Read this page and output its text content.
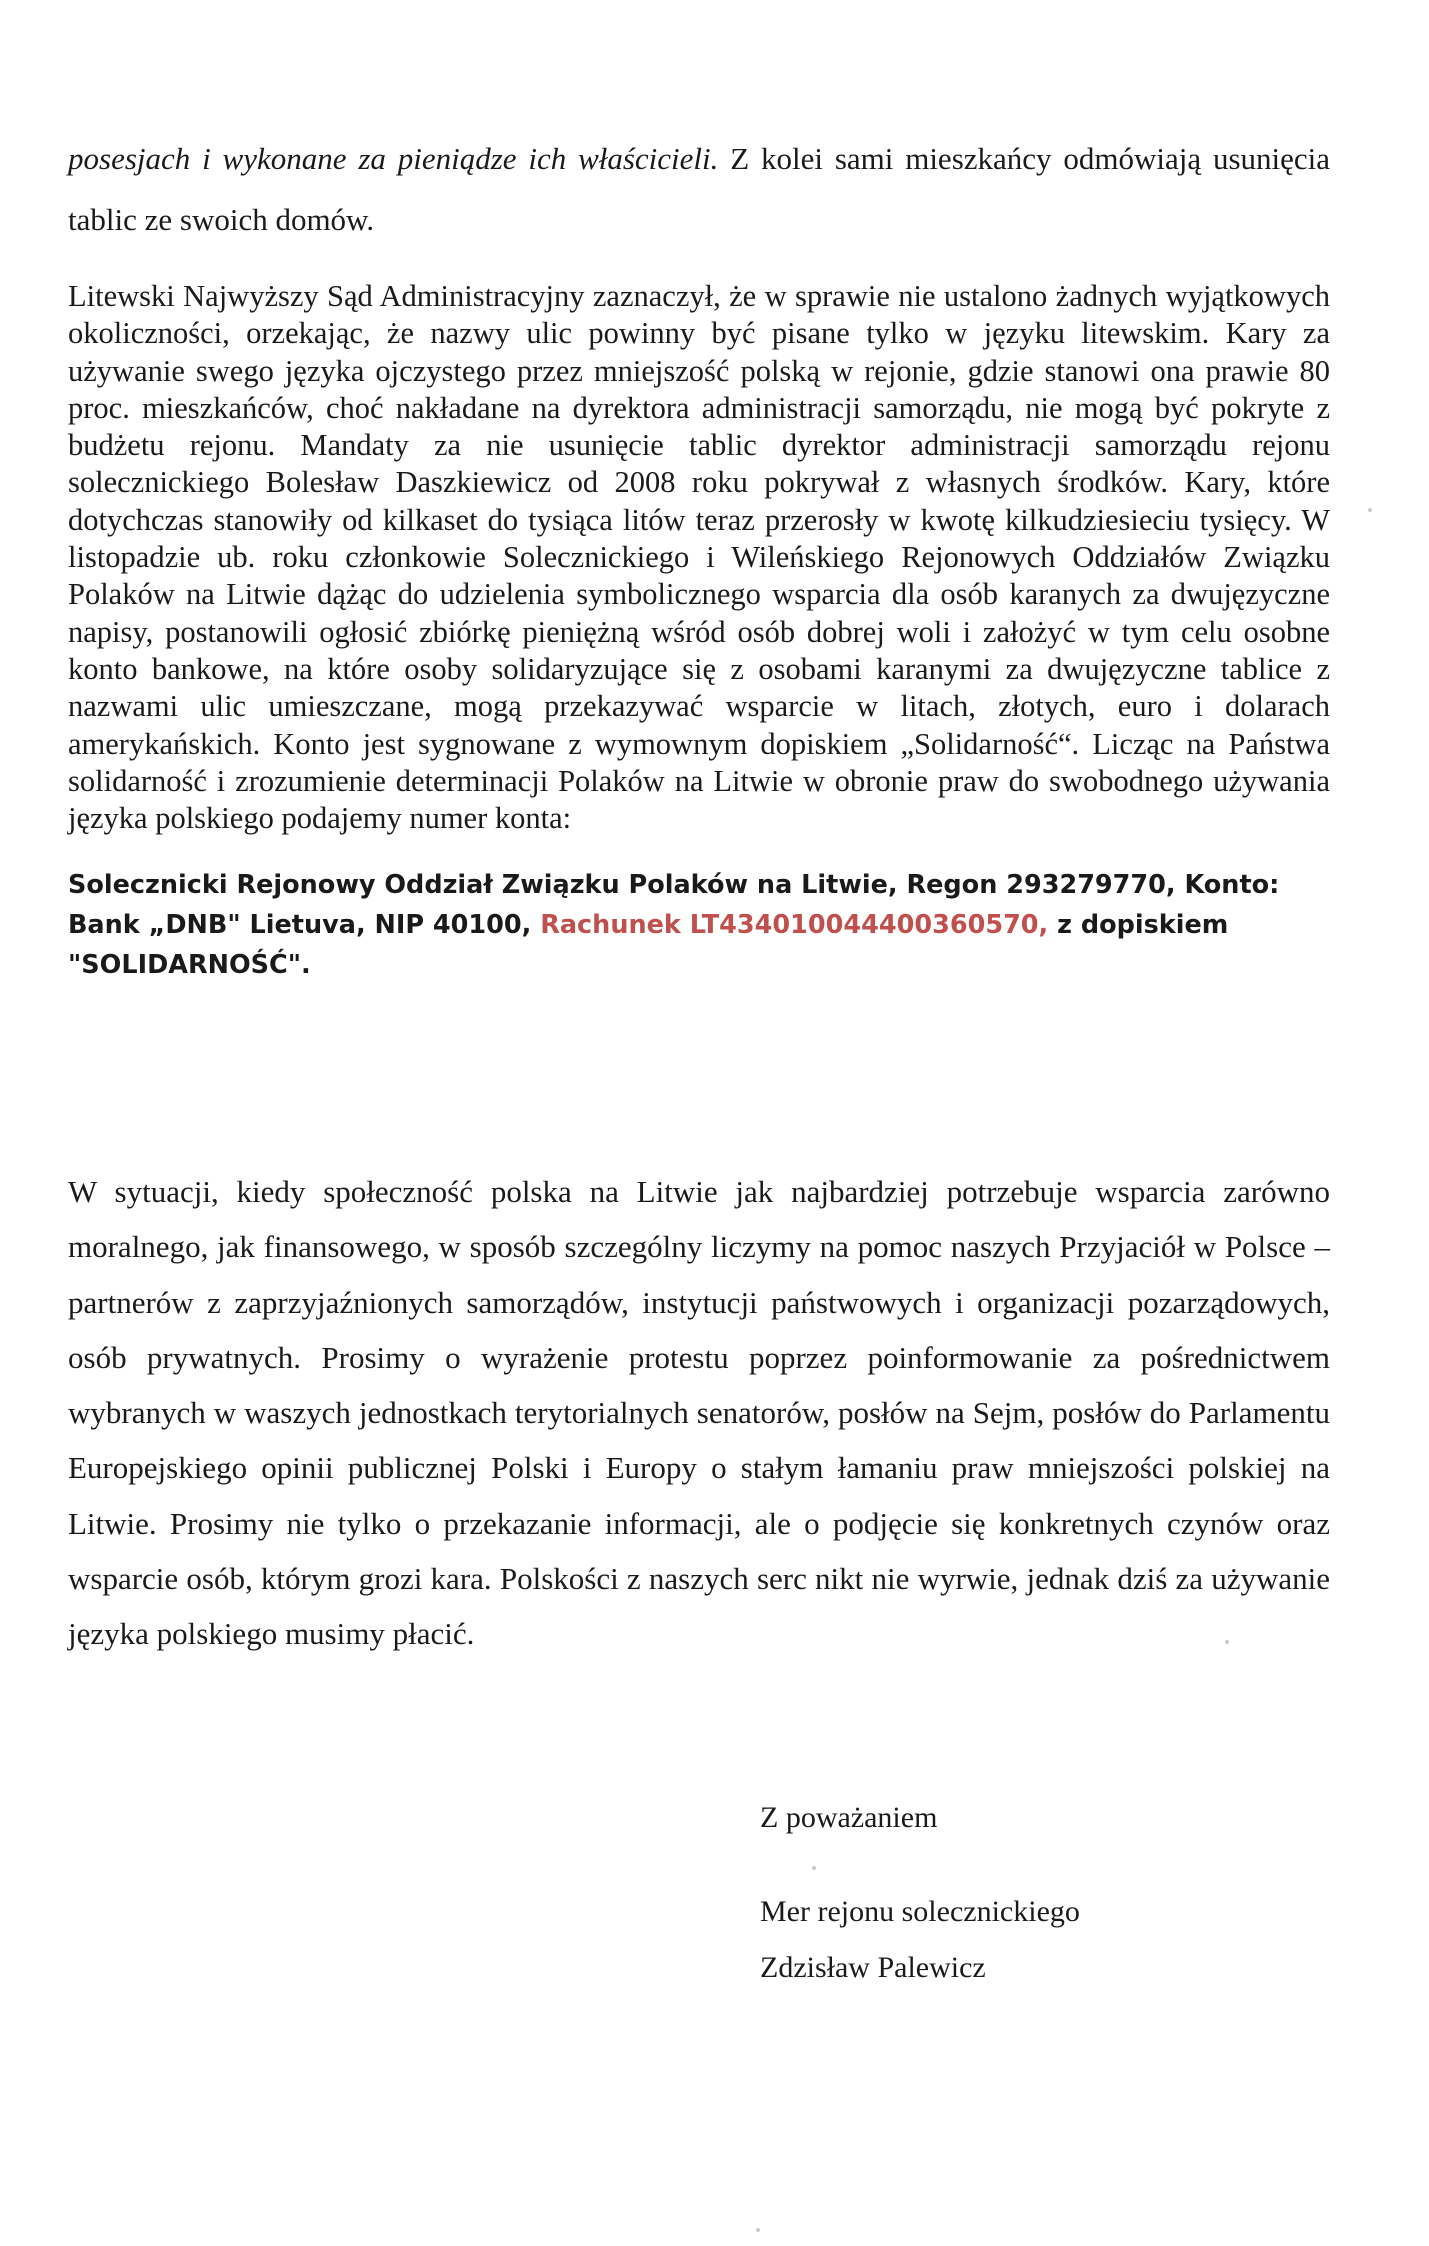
posesjach i wykonane za pieniądze ich właścicieli. Z kolei sami mieszkańcy odmówiają usunięcia tablic ze swoich domów.

Litewski Najwyższy Sąd Administracyjny zaznaczył, że w sprawie nie ustalono żadnych wyjątkowych okoliczności, orzekając, że nazwy ulic powinny być pisane tylko w języku litewskim. Kary za używanie swego języka ojczystego przez mniejszość polską w rejonie, gdzie stanowi ona prawie 80 proc. mieszkańców, choć nakładane na dyrektora administracji samorządu, nie mogą być pokryte z budżetu rejonu. Mandaty za nie usunięcie tablic dyrektor administracji samorządu rejonu solecznickiego Bolesław Daszkiewicz od 2008 roku pokrywał z własnych środków. Kary, które dotychczas stanowiły od kilkaset do tysiąca litów teraz przerosły w kwotę kilkudziesieciu tysięcy. W listopadzie ub. roku członkowie Solecznickiego i Wileńskiego Rejonowych Oddziałów Związku Polaków na Litwie dążąc do udzielenia symbolicznego wsparcia dla osób karanych za dwujęzyczne napisy, postanowili ogłosić zbiórkę pieniężną wśród osób dobrej woli i założyć w tym celu osobne konto bankowe, na które osoby solidaryzujące się z osobami karanymi za dwujęzyczne tablice z nazwami ulic umieszczane, mogą przekazywać wsparcie w litach, złotych, euro i dolarach amerykańskich. Konto jest sygnowane z wymownym dopiskiem „Solidarność“. Licząc na Państwa solidarność i zrozumienie determinacji Polaków na Litwie w obronie praw do swobodnego używania języka polskiego podajemy numer konta:

Solecznicki Rejonowy Oddział Związku Polaków na Litwie, Regon 293279770, Konto: Bank „DNB" Lietuva, NIP 40100, Rachunek LT434010044400360570, z dopiskiem "SOLIDARNOŚĆ".

W sytuacji, kiedy społeczność polska na Litwie jak najbardziej potrzebuje wsparcia zarówno moralnego, jak finansowego, w sposób szczególny liczymy na pomoc naszych Przyjaciół w Polsce – partnerów z zaprzyjaźnionych samorządów, instytucji państwowych i organizacji pozarządowych, osób prywatnych. Prosimy o wyrażenie protestu poprzez poinformowanie za pośrednictwem wybranych w waszych jednostkach terytorialnych senatorów, posłów na Sejm, posłów do Parlamentu Europejskiego opinii publicznej Polski i Europy o stałym łamaniu praw mniejszości polskiej na Litwie. Prosimy nie tylko o przekazanie informacji, ale o podjęcie się konkretnych czynów oraz wsparcie osób, którym grozi kara. Polskości z naszych serc nikt nie wyrwie, jednak dziś za używanie języka polskiego musimy płacić.

Z poważaniem

Mer rejonu solecznickiego

Zdzisław Palewicz
